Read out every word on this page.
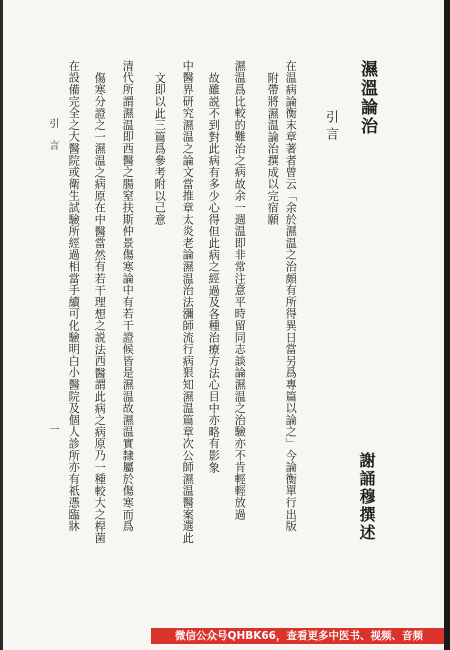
濕溫論治
謝誦穆撰述
引言
在温病論衡末章著者曾云「余於濕温之治頗有所得異日當另爲專篇以論之」今論衡單行出版
附帶將濕温論治撰成以完宿願
濕温爲比較的難治之病故余一週温即非常注意平時留同志談論濕温之治驗亦不肯輕輕放過
故雖説不到對此病有多少心得但此病之經過及各種治療方法心目中亦略有影象
中醫界研究濕温之論文當推章太炎老論濕温治法瀰師流行病狠知濕温篇章次公師濕温醫案選此
文即以此三篇爲參考附以己意
清代所謂濕温即西醫之腸窒扶斯仲景傷寒論中有若干證候皆是濕温故濕温實隸屬於傷寒而爲
傷寒分證之一濕温之病原在中醫當然有若干理想之説法西醫謂此病之病原乃一種較大之桿菌
在設備完全之大醫院或衛生試驗所經過相當手續可化驗明白小醫院及個人診所亦有祇憑臨牀
引　言
一
微信公众号QHBK66，查看更多中医书、视频、音频
